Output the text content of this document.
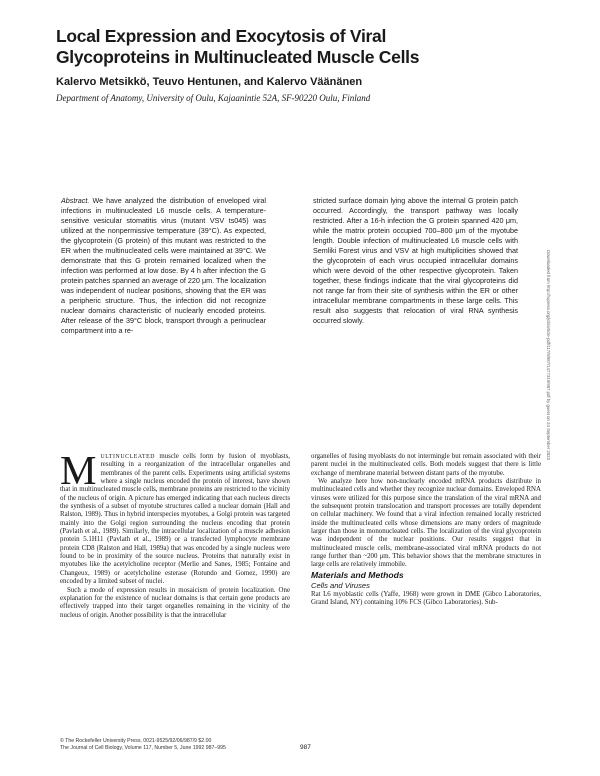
Local Expression and Exocytosis of Viral
Glycoproteins in Multinucleated Muscle Cells
Kalervo Metsikkö, Teuvo Hentunen, and Kalervo Väänänen
Department of Anatomy, University of Oulu, Kajaanintie 52A, SF-90220 Oulu, Finland
Downloaded from http://rupress.org/jcb/article-pdf/117/5/987/1477319/987.pdf by guest on 24 September 2023
Abstract. We have analyzed the distribution of enveloped viral infections in multinucleated L6 muscle cells. A temperature-sensitive vesicular stomatitis virus (mutant VSV ts045) was utilized at the nonpermissive temperature (39°C). As expected, the glycoprotein (G protein) of this mutant was restricted to the ER when the multinucleated cells were maintained at 39°C. We demonstrate that this G protein remained localized when the infection was performed at low dose. By 4 h after infection the G protein patches spanned an average of 220 μm. The localization was independent of nuclear positions, showing that the ER was a peripheric structure. Thus, the infection did not recognize nuclear domains characteristic of nuclearly encoded proteins. After release of the 39°C block, transport through a perinuclear compartment into a re-
stricted surface domain lying above the internal G protein patch occurred. Accordingly, the transport pathway was locally restricted. After a 16-h infection the G protein spanned 420 μm, while the matrix protein occupied 700–800 μm of the myotube length. Double infection of multinucleated L6 muscle cells with Semliki Forest virus and VSV at high multiplicities showed that the glycoprotein of each virus occupied intracellular domains which were devoid of the other respective glycoprotein. Taken together, these findings indicate that the viral glycoproteins did not range far from their site of synthesis within the ER or other intracellular membrane compartments in these large cells. This result also suggests that relocation of viral RNA synthesis occurred slowly.

MULTINUCLEATED muscle cells form by fusion of myoblasts, resulting in a reorganization of the intracellular organelles and membranes of the parent cells. Experiments using artificial systems where a single nucleus encoded the protein of interest, have shown that in multinucleated muscle cells, membrane proteins are restricted to the vicinity of the nucleus of origin. A picture has emerged indicating that each nucleus directs the synthesis of a subset of myotube structures called a nuclear domain (Hall and Ralston, 1989). Thus in hybrid interspecies myotubes, a Golgi protein was targeted mainly into the Golgi region surrounding the nucleus encoding that protein (Pavlath et al., 1989). Similarly, the intracellular localization of a muscle adhesion protein 5.1H11 (Pavlath et al., 1989) or a transfected lymphocyte membrane protein CD8 (Ralston and Hall, 1989a) that was encoded by a single nucleus were found to be in proximity of the source nucleus. Proteins that naturally exist in myotubes like the acetylcholine receptor (Merlie and Sanes, 1985; Fontaine and Changeux, 1989) or acetylcholine esterase (Rotundo and Gomez, 1990) are encoded by a limited subset of nuclei.

Such a mode of expression results in mosaicism of protein localization. One explanation for the existence of nuclear domains is that certain gene products are effectively trapped into their target organelles remaining in the vicinity of the nucleus of origin. Another possibility is that the intracellular

organelles of fusing myoblasts do not intermingle but remain associated with their parent nuclei in the multinucleated cells. Both models suggest that there is little exchange of membrane material between distant parts of the myotube.

We analyze here how non-nuclearly encoded mRNA products distribute in multinucleated cells and whether they recognize nuclear domains. Enveloped RNA viruses were utilized for this purpose since the translation of the viral mRNA and the subsequent protein translocation and transport processes are totally dependent on cellular machinery. We found that a viral infection remained locally restricted inside the multinucleated cells whose dimensions are many orders of magnitude larger than those in mononucleated cells. The localization of the viral glycoprotein was independent of the nuclear positions. Our results suggest that in multinucleated muscle cells, membrane-associated viral mRNA products do not range further than ~200 μm. This behavior shows that the membrane structures in large cells are relatively immobile.

Materials and Methods

Cells and Viruses

Rat L6 myoblastic cells (Yaffe, 1968) were grown in DME (Gibco Laboratories, Grand Island, NY) containing 10% FCS (Gibco Laboratories). Sub-

© The Rockefeller University Press, 0021-9525/92/06/987/9 $2.00
The Journal of Cell Biology, Volume 117, Number 5, June 1992 987–995	987
